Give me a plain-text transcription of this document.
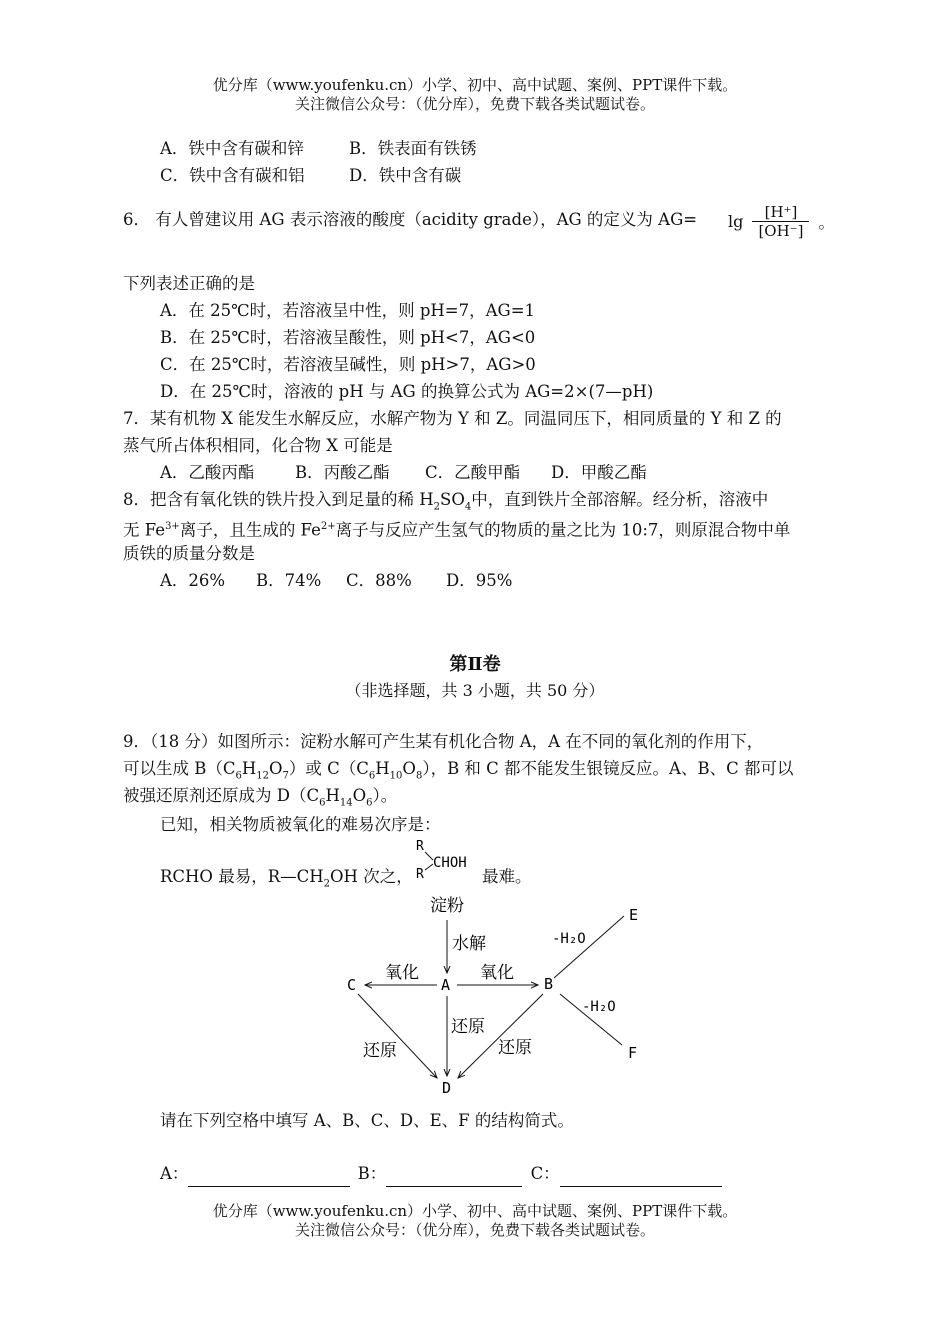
优分库（www.youfenku.cn）小学、初中、高中试题、案例、PPT课件下载。
关注微信公众号：（优分库），免费下载各类试题试卷。
A．铁中含有碳和锌	B．铁表面有铁锈
C．铁中含有碳和铝	D．铁中含有碳
6． 有人曾建议用 AG 表示溶液的酸度（acidity grade），AG 的定义为 $AG= \lg \frac{[H^+]}{[OH^-]}$ 。
下列表述正确的是
A．在 25℃时，若溶液呈中性，则 pH=7，AG=1
B．在 25℃时，若溶液呈酸性，则 pH<7，AG<0
C．在 25℃时，若溶液呈碱性，则 pH>7，AG>0
D．在 25℃时，溶液的 pH 与 AG 的换算公式为 AG=2×(7—pH)
7．某有机物 X 能发生水解反应，水解产物为 Y 和 Z。同温同压下，相同质量的 Y 和 Z 的
蒸气所占体积相同，化合物 X 可能是
A．乙酸丙酯 B．丙酸乙酯 C．乙酸甲酯 D．甲酸乙酯
8．把含有氧化铁的铁片投入到足量的稀 $H_2SO_4$中，直到铁片全部溶解。经分析，溶液中
无 $Fe^{3+}$离子，且生成的 $Fe^{2+}$离子与反应产生氢气的物质的量之比为 10:7，则原混合物中单
质铁的质量分数是
A．26% B．74% C．88% D．95%
第Ⅱ卷
（非选择题，共 3 小题，共 50 分）
9．（18 分）如图所示：淀粉水解可产生某有机化合物 A，A 在不同的氧化剂的作用下，
可以生成 $B(C_6H_{12}O_7)$或 $C(C_6H_{10}O_8)$，B 和 C 都不能发生银镜反应。A、B、C 都可以
被强还原剂还原成为 $D(C_6H_{14}O_6)$。
已知，相关物质被氧化的难易次序是：
RCHO 最易，$R—CH_2OH$ 次之，
R
R
CHOH
最难。
淀粉
水解
A
C	B
D
E
F
氧化	氧化
还原
还原	还原
-H₂O
-H₂O
请在下列空格中填写 A、B、C、D、E、F 的结构简式。
A：	B：	C：
优分库（www.youfenku.cn）小学、初中、高中试题、案例、PPT课件下载。
关注微信公众号：（优分库），免费下载各类试题试卷。
